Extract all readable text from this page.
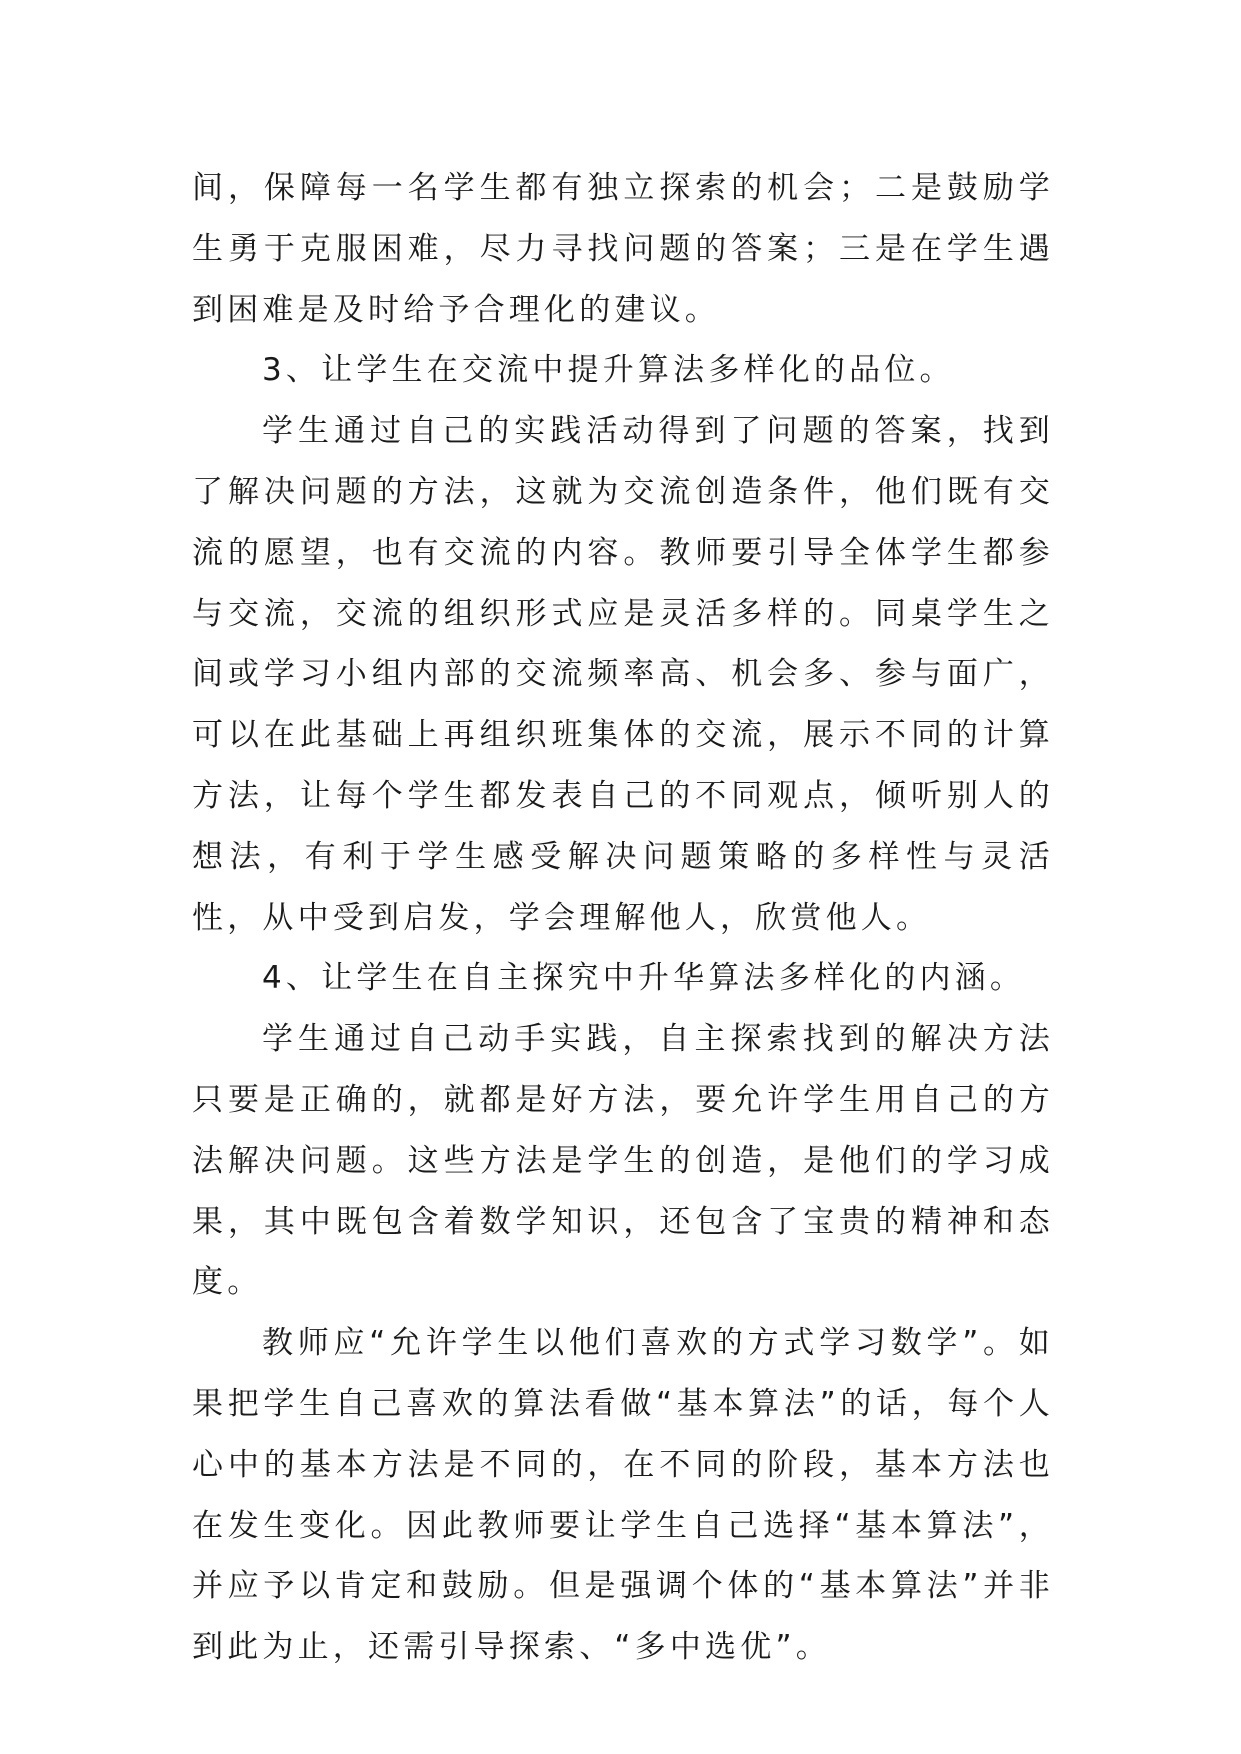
间，保障每一名学生都有独立探索的机会；二是鼓励学生勇于克服困难，尽力寻找问题的答案；三是在学生遇到困难是及时给予合理化的建议。

3、让学生在交流中提升算法多样化的品位。

学生通过自己的实践活动得到了问题的答案，找到了解决问题的方法，这就为交流创造条件，他们既有交流的愿望，也有交流的内容。教师要引导全体学生都参与交流，交流的组织形式应是灵活多样的。同桌学生之间或学习小组内部的交流频率高、机会多、参与面广，可以在此基础上再组织班集体的交流，展示不同的计算方法，让每个学生都发表自己的不同观点，倾听别人的想法，有利于学生感受解决问题策略的多样性与灵活性，从中受到启发，学会理解他人，欣赏他人。

4、让学生在自主探究中升华算法多样化的内涵。

学生通过自己动手实践，自主探索找到的解决方法只要是正确的，就都是好方法，要允许学生用自己的方法解决问题。这些方法是学生的创造，是他们的学习成果，其中既包含着数学知识，还包含了宝贵的精神和态度。

教师应“允许学生以他们喜欢的方式学习数学”。如果把学生自己喜欢的算法看做“基本算法”的话，每个人心中的基本方法是不同的，在不同的阶段，基本方法也在发生变化。因此教师要让学生自己选择“基本算法”，并应予以肯定和鼓励。但是强调个体的“基本算法”并非到此为止，还需引导探索、“多中选优”。
